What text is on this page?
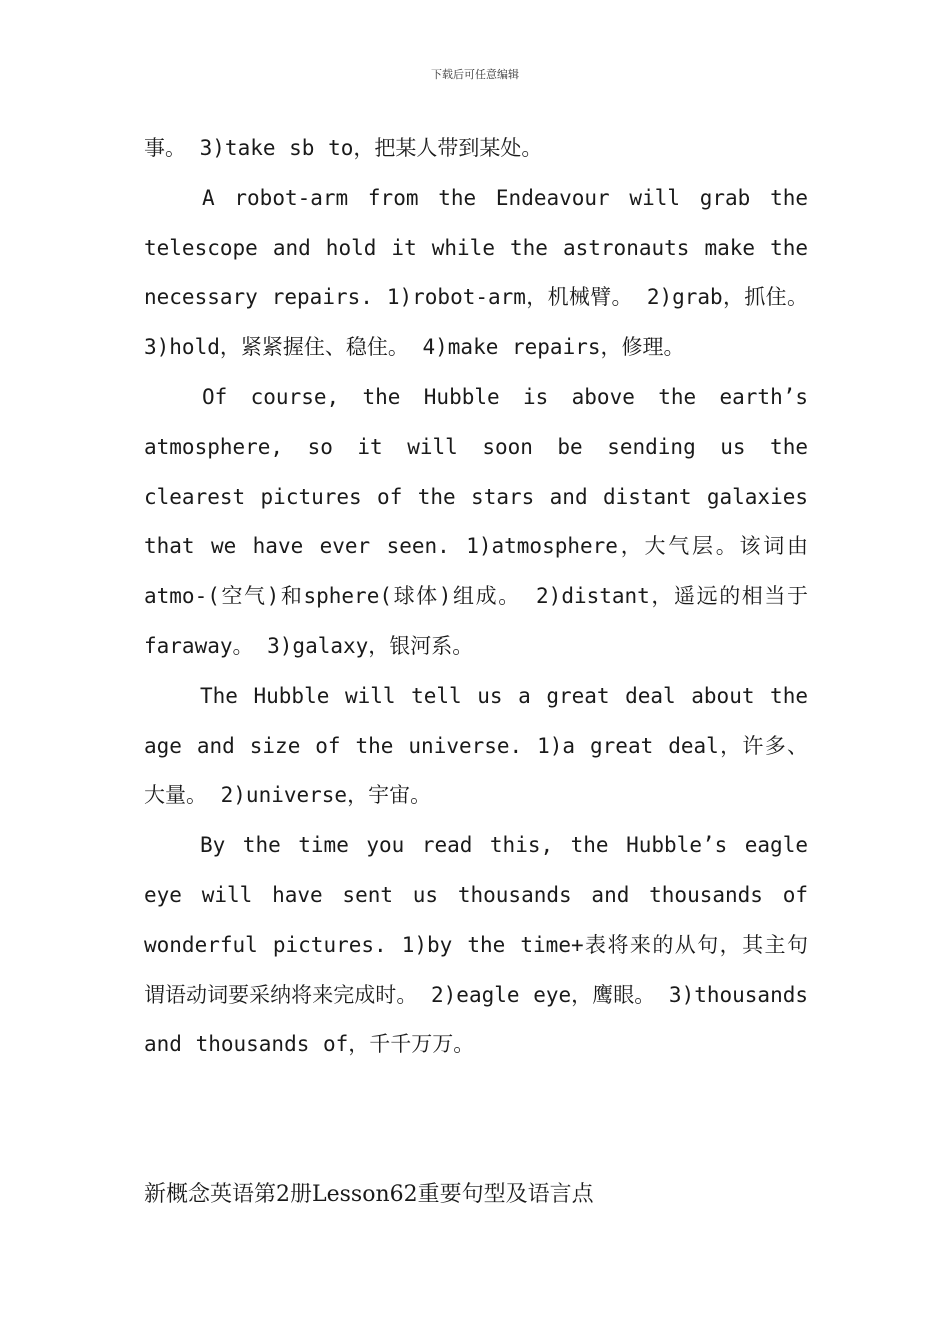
下载后可任意编辑

事。 3)take sb to，把某人带到某处。

A robot-arm from the Endeavour will grab the telescope and hold it while the astronauts make the necessary repairs. 1)robot-arm，机械臂。 2)grab，抓住。 3)hold，紧紧握住、稳住。 4)make repairs，修理。

Of course, the Hubble is above the earth’s atmosphere, so it will soon be sending us the clearest pictures of the stars and distant galaxies that we have ever seen. 1)atmosphere，大气层。该词由atmo-(空气)和sphere(球体)组成。 2)distant，遥远的相当于faraway。 3)galaxy，银河系。

The Hubble will tell us a great deal about the age and size of the universe. 1)a great deal，许多、大量。 2)universe，宇宙。

By the time you read this, the Hubble’s eagle eye will have sent us thousands and thousands of wonderful pictures. 1)by the time+表将来的从句，其主句谓语动词要采纳将来完成时。 2)eagle eye，鹰眼。 3)thousands and thousands of，千千万万。

新概念英语第2册Lesson62重要句型及语言点
